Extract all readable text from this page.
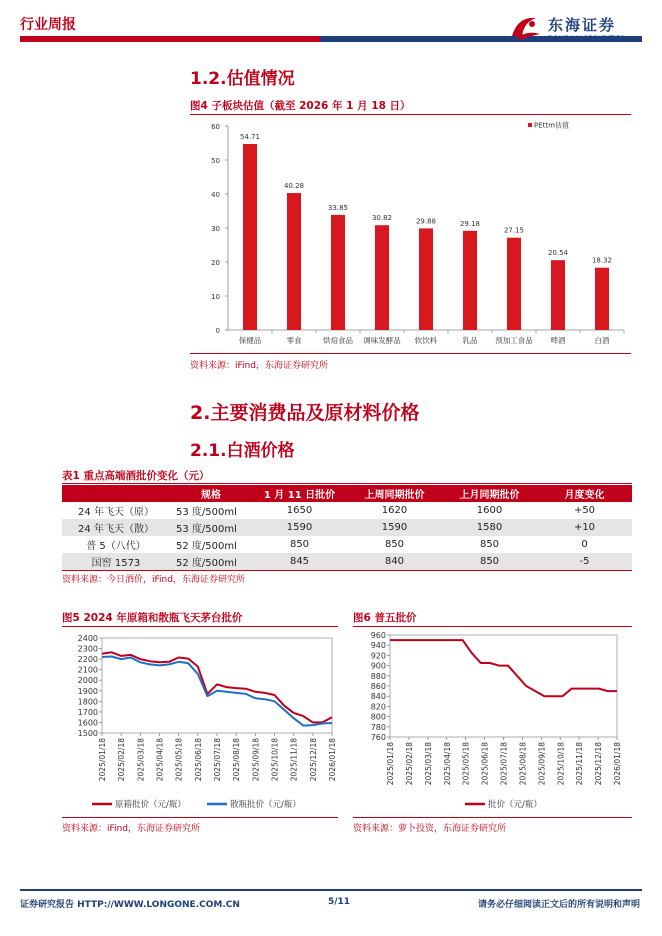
行业周报	东海证券
DONGHAI SECURITIES
1.2.估值情况
图4 子板块估值（截至 2026 年 1 月 18 日）
0
10
20
30
40
50
60
54.71
保健品
40.28
零食
33.85
烘焙食品
30.82
调味发酵品
29.88
软饮料
29.18
乳品
27.15
预加工食品
20.54
啤酒
18.32
白酒
PEttm估值
资料来源：iFind，东海证券研究所
2.主要消费品及原材料价格
2.1.白酒价格
表1 重点高端酒批价变化（元）
	规格	1 月 11 日批价	上周同期批价	上月同期批价	月度变化
24 年飞天（原）	53 度/500ml	1650	1620	1600	+50
24 年飞天（散）	53 度/500ml	1590	1590	1580	+10
普 5（八代）	52 度/500ml	850	850	850	0
国窖 1573	52 度/500ml	845	840	850	-5
资料来源：今日酒价，iFind，东海证券研究所
图5 2024 年原箱和散瓶飞天茅台批价
2400
2300
2200
2100
2000
1900
1800
1700
1600
1500
2025/01/18 2025/02/18 2025/03/18 2025/04/18 2025/05/18 2025/06/18 2025/07/18 2025/08/18 2025/09/18 2025/10/18 2025/11/18 2025/12/18 2026/01/18
原箱批价（元/瓶）	散瓶批价（元/瓶）
资料来源：iFind，东海证券研究所
图6 普五批价
960
940
920
900
880
860
840
820
800
780
760
2025/01/18 2025/02/18 2025/03/18 2025/04/18 2025/05/18 2025/06/18 2025/07/18 2025/08/18 2025/09/18 2025/10/18 2025/11/18 2025/12/18 2026/01/18
批价（元/瓶）
资料来源：萝卜投资，东海证券研究所
证券研究报告 HTTP://WWW.LONGONE.COM.CN	5/11	请务必仔细阅读正文后的所有说明和声明
